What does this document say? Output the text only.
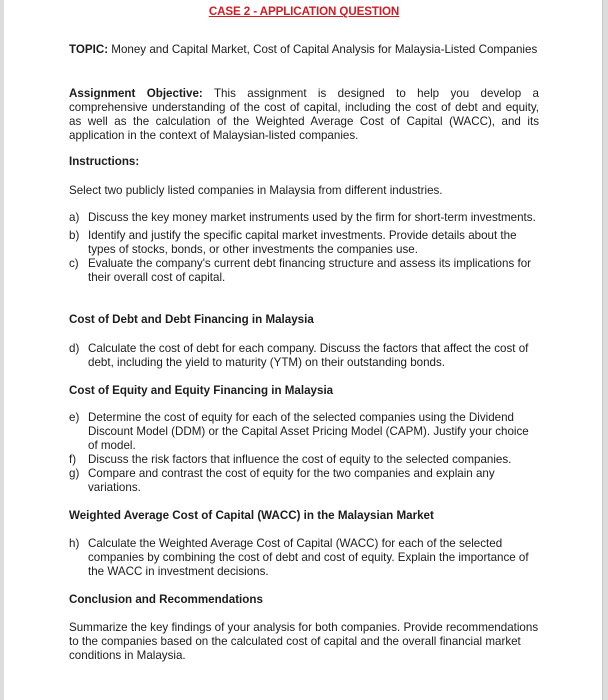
CASE 2 - APPLICATION QUESTION
TOPIC: Money and Capital Market, Cost of Capital Analysis for Malaysia-Listed Companies
Assignment Objective: This assignment is designed to help you develop a comprehensive understanding of the cost of capital, including the cost of debt and equity, as well as the calculation of the Weighted Average Cost of Capital (WACC), and its application in the context of Malaysian-listed companies.
Instructions:
Select two publicly listed companies in Malaysia from different industries.
a) Discuss the key money market instruments used by the firm for short-term investments.
b) Identify and justify the specific capital market investments. Provide details about the types of stocks, bonds, or other investments the companies use.
c) Evaluate the company's current debt financing structure and assess its implications for their overall cost of capital.
Cost of Debt and Debt Financing in Malaysia
d) Calculate the cost of debt for each company. Discuss the factors that affect the cost of debt, including the yield to maturity (YTM) on their outstanding bonds.
Cost of Equity and Equity Financing in Malaysia
e) Determine the cost of equity for each of the selected companies using the Dividend Discount Model (DDM) or the Capital Asset Pricing Model (CAPM). Justify your choice of model.
f)	Discuss the risk factors that influence the cost of equity to the selected companies.
g) Compare and contrast the cost of equity for the two companies and explain any variations.
Weighted Average Cost of Capital (WACC) in the Malaysian Market
h) Calculate the Weighted Average Cost of Capital (WACC) for each of the selected companies by combining the cost of debt and cost of equity. Explain the importance of the WACC in investment decisions.
Conclusion and Recommendations
Summarize the key findings of your analysis for both companies. Provide recommendations to the companies based on the calculated cost of capital and the overall financial market conditions in Malaysia.
